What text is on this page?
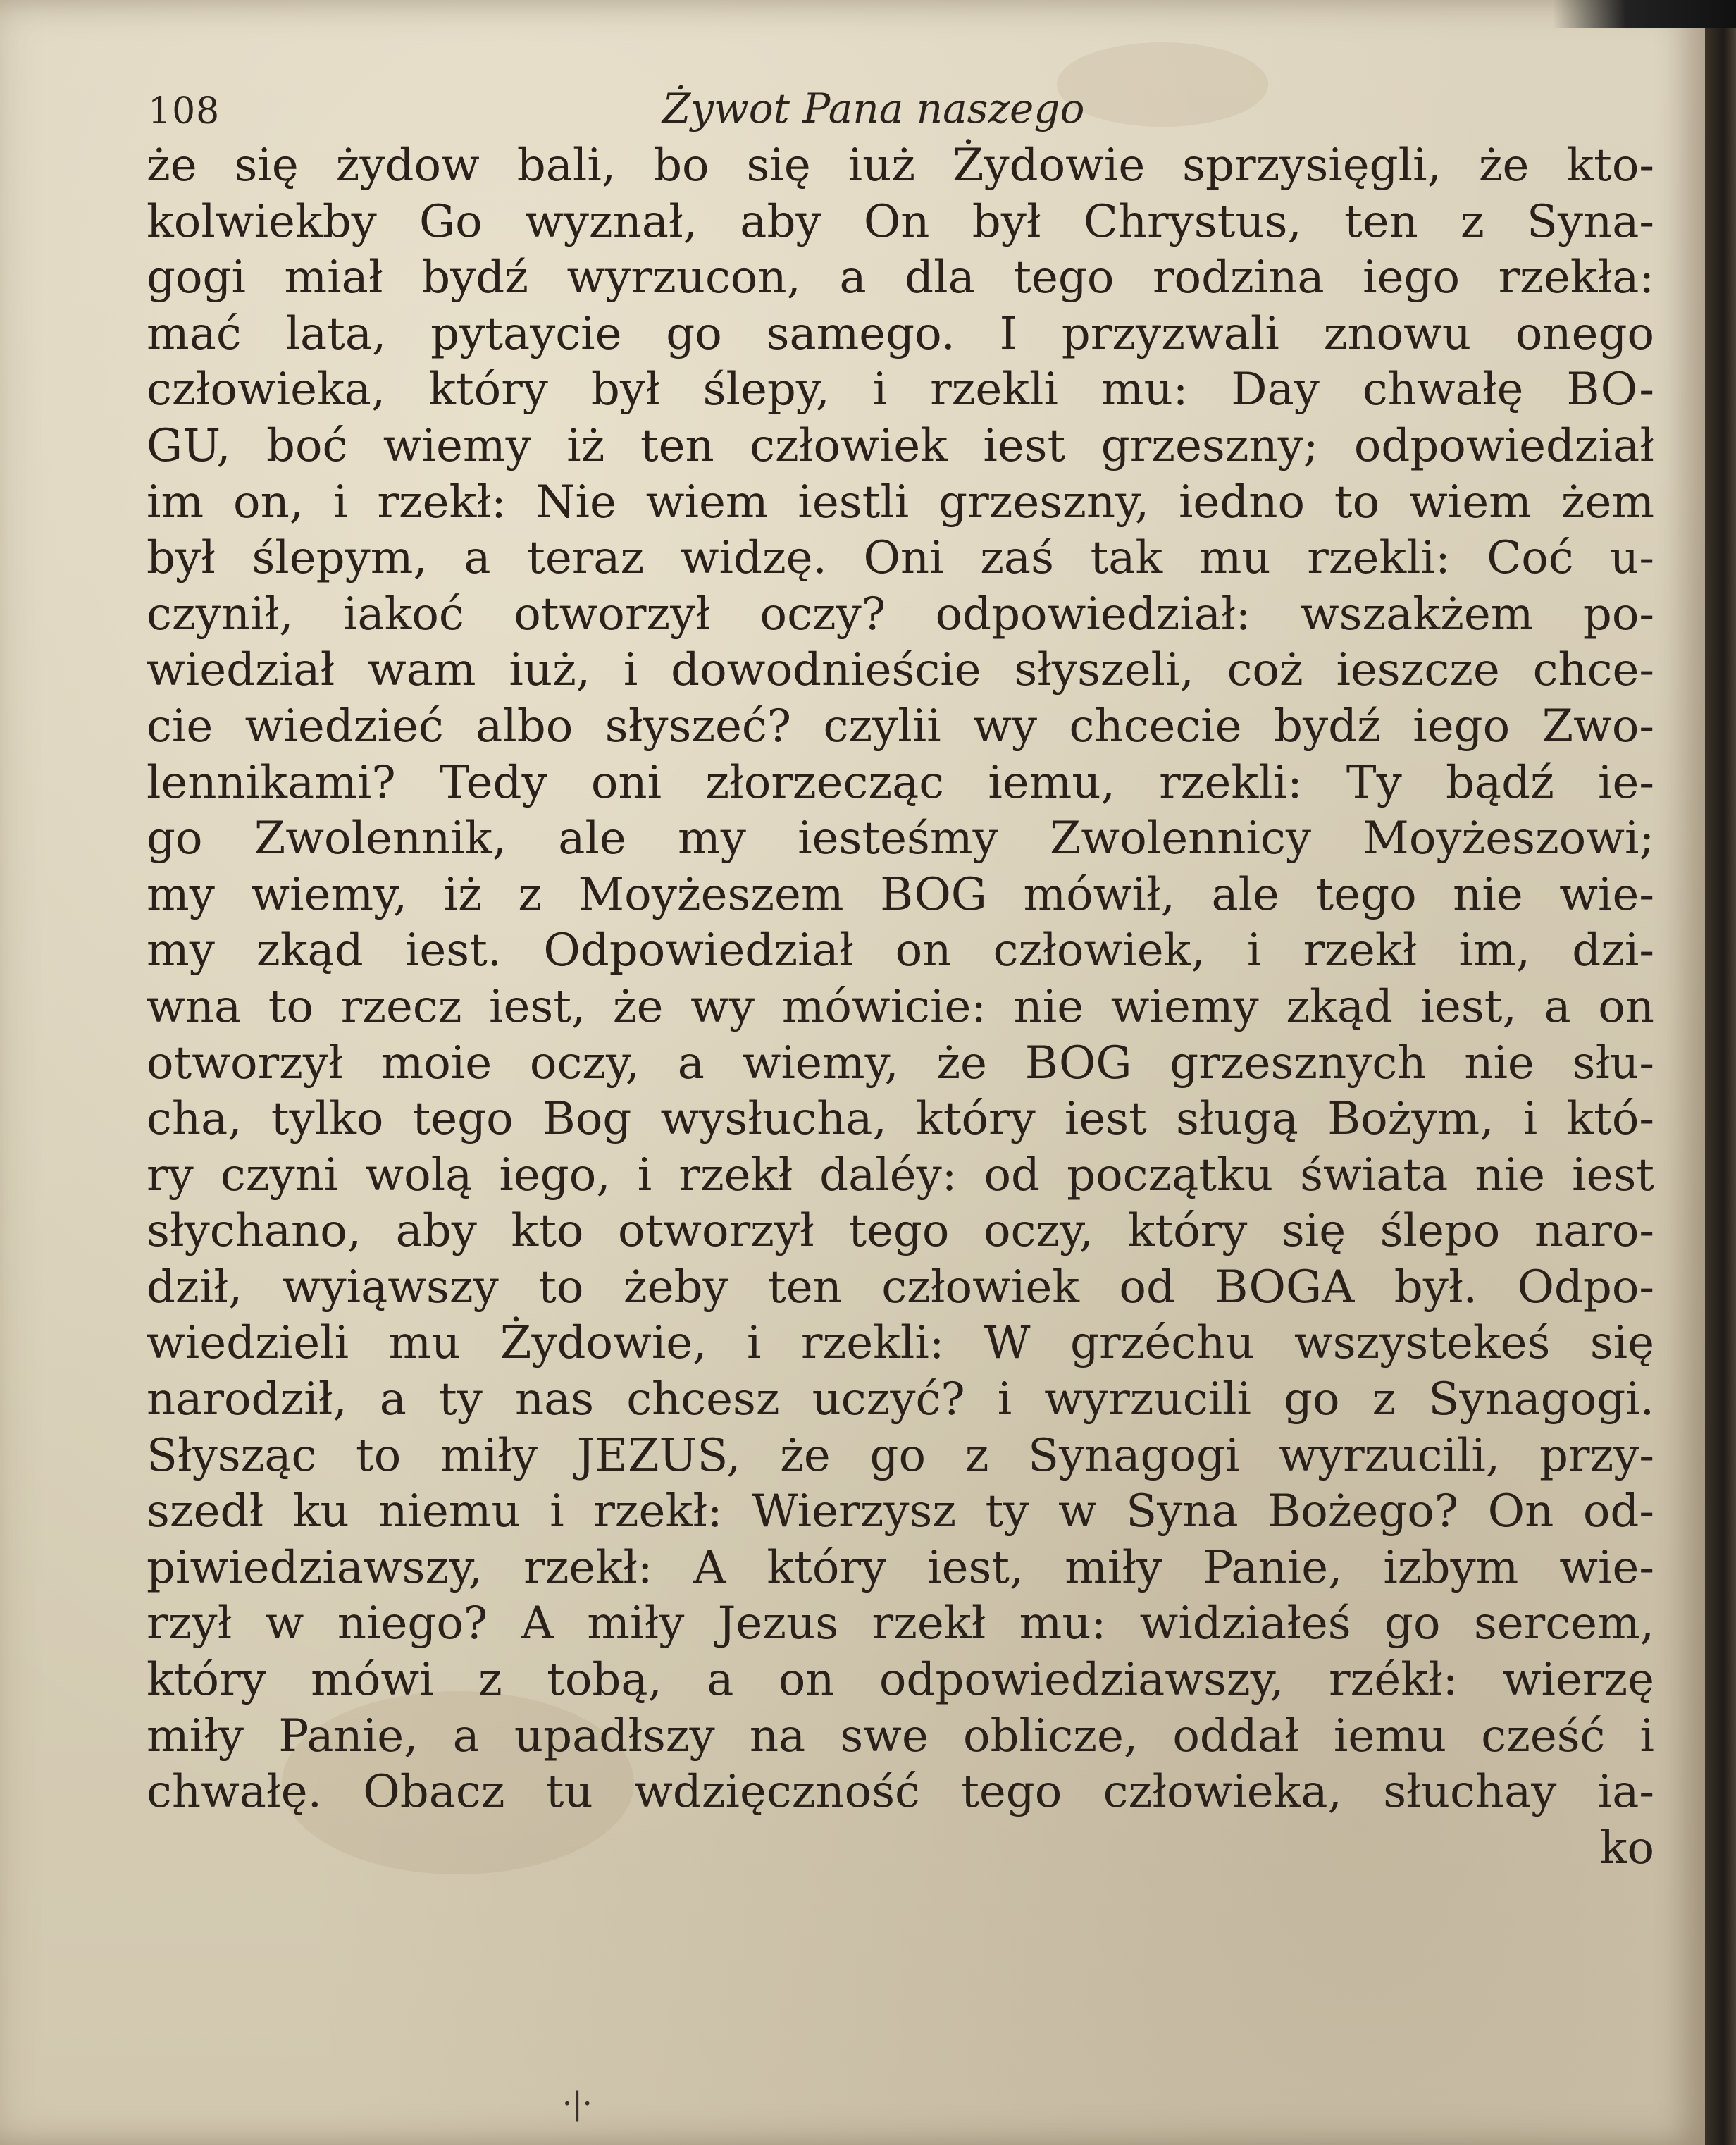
108	Żywot Pana naszego
że się żydow bali, bo się iuż Żydowie sprzysięgli, że kto-
kolwiekby Go wyznał, aby On był Chrystus, ten z Syna-
gogi miał bydź wyrzucon, a dla tego rodzina iego rzekła:
mać lata, pytaycie go samego. I przyzwali znowu onego
człowieka, który był ślepy, i rzekli mu: Day chwałę BO-
GU, boć wiemy iż ten człowiek iest grzeszny; odpowiedział
im on, i rzekł: Nie wiem iestli grzeszny, iedno to wiem żem
był ślepym, a teraz widzę. Oni zaś tak mu rzekli: Coć u-
czynił, iakoć otworzył oczy? odpowiedział: wszakżem po-
wiedział wam iuż, i dowodnieście słyszeli, coż ieszcze chce-
cie wiedzieć albo słyszeć? czylii wy chcecie bydź iego Zwo-
lennikami? Tedy oni złorzecząc iemu, rzekli: Ty bądź ie-
go Zwolennik, ale my iesteśmy Zwolennicy Moyżeszowi;
my wiemy, iż z Moyżeszem BOG mówił, ale tego nie wie-
my zkąd iest. Odpowiedział on człowiek, i rzekł im, dzi-
wna to rzecz iest, że wy mówicie: nie wiemy zkąd iest, a on
otworzył moie oczy, a wiemy, że BOG grzesznych nie słu-
cha, tylko tego Bog wysłucha, który iest sługą Bożym, i któ-
ry czyni wolą iego, i rzekł daléy: od początku świata nie iest
słychano, aby kto otworzył tego oczy, który się ślepo naro-
dził, wyiąwszy to żeby ten człowiek od BOGA był. Odpo-
wiedzieli mu Żydowie, i rzekli: W grzéchu wszystekeś się
narodził, a ty nas chcesz uczyć? i wyrzucili go z Synagogi.
Słysząc to miły JEZUS, że go z Synagogi wyrzucili, przy-
szedł ku niemu i rzekł: Wierzysz ty w Syna Bożego? On od-
piwiedziawszy, rzekł: A który iest, miły Panie, izbym wie-
rzył w niego? A miły Jezus rzekł mu: widziałeś go sercem,
który mówi z tobą, a on odpowiedziawszy, rzékł: wierzę
miły Panie, a upadłszy na swe oblicze, oddał iemu cześć i
chwałę. Obacz tu wdzięczność tego człowieka, słuchay ia-
ko
·|·
